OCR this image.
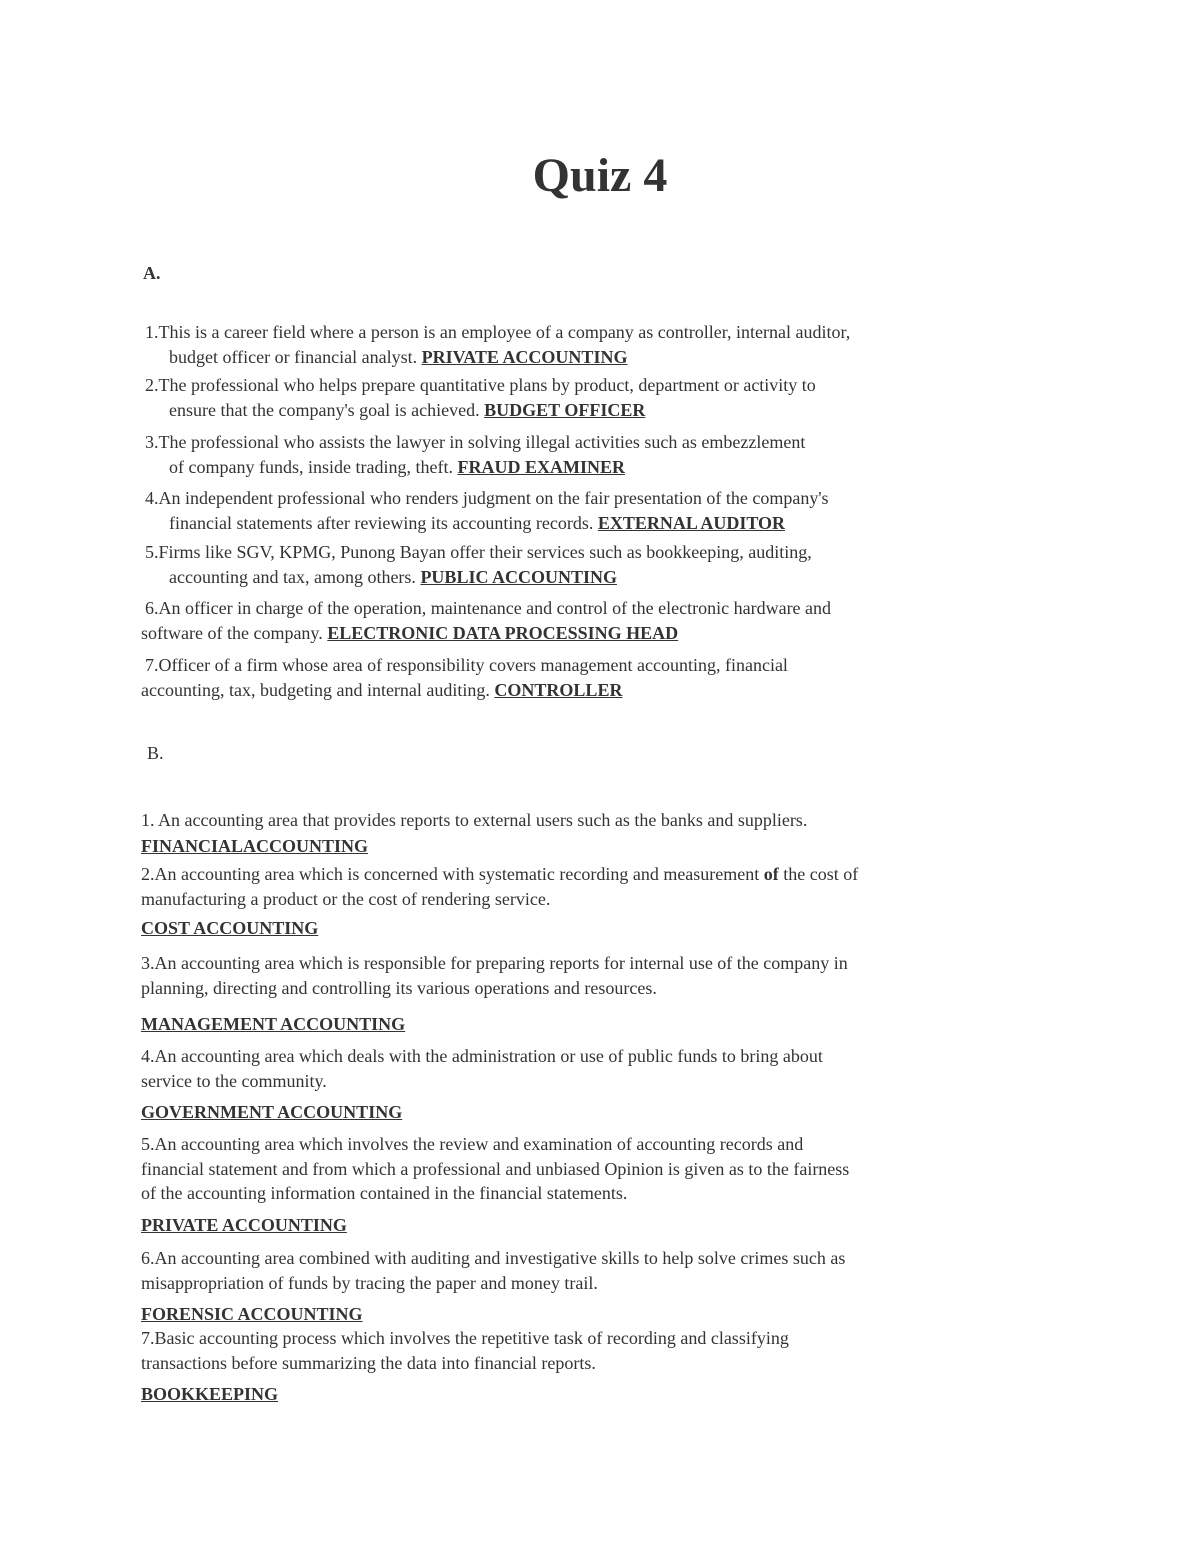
Quiz 4
A.
1.This is a career field where a person is an employee of a company as controller, internal auditor,
budget officer or financial analyst. PRIVATE ACCOUNTING
2.The professional who helps prepare quantitative plans by product, department or activity to
ensure that the company's goal is achieved. BUDGET OFFICER
3.The professional who assists the lawyer in solving illegal activities such as embezzlement
of company funds, inside trading, theft. FRAUD EXAMINER
4.An independent professional who renders judgment on the fair presentation of the company's
financial statements after reviewing its accounting records. EXTERNAL AUDITOR
5.Firms like SGV, KPMG, Punong Bayan offer their services such as bookkeeping, auditing,
accounting and tax, among others. PUBLIC ACCOUNTING
6.An officer in charge of the operation, maintenance and control of the electronic hardware and
software of the company. ELECTRONIC DATA PROCESSING HEAD
7.Officer of a firm whose area of responsibility covers management accounting, financial
accounting, tax, budgeting and internal auditing. CONTROLLER
B.
1. An accounting area that provides reports to external users such as the banks and suppliers.
FINANCIALACCOUNTING
2.An accounting area which is concerned with systematic recording and measurement of the cost of
manufacturing a product or the cost of rendering service.
COST ACCOUNTING
3.An accounting area which is responsible for preparing reports for internal use of the company in
planning, directing and controlling its various operations and resources.
MANAGEMENT ACCOUNTING
4.An accounting area which deals with the administration or use of public funds to bring about
service to the community.
GOVERNMENT ACCOUNTING
5.An accounting area which involves the review and examination of accounting records and
financial statement and from which a professional and unbiased Opinion is given as to the fairness
of the accounting information contained in the financial statements.
PRIVATE ACCOUNTING
6.An accounting area combined with auditing and investigative skills to help solve crimes such as
misappropriation of funds by tracing the paper and money trail.
FORENSIC ACCOUNTING
7.Basic accounting process which involves the repetitive task of recording and classifying
transactions before summarizing the data into financial reports.
BOOKKEEPING
